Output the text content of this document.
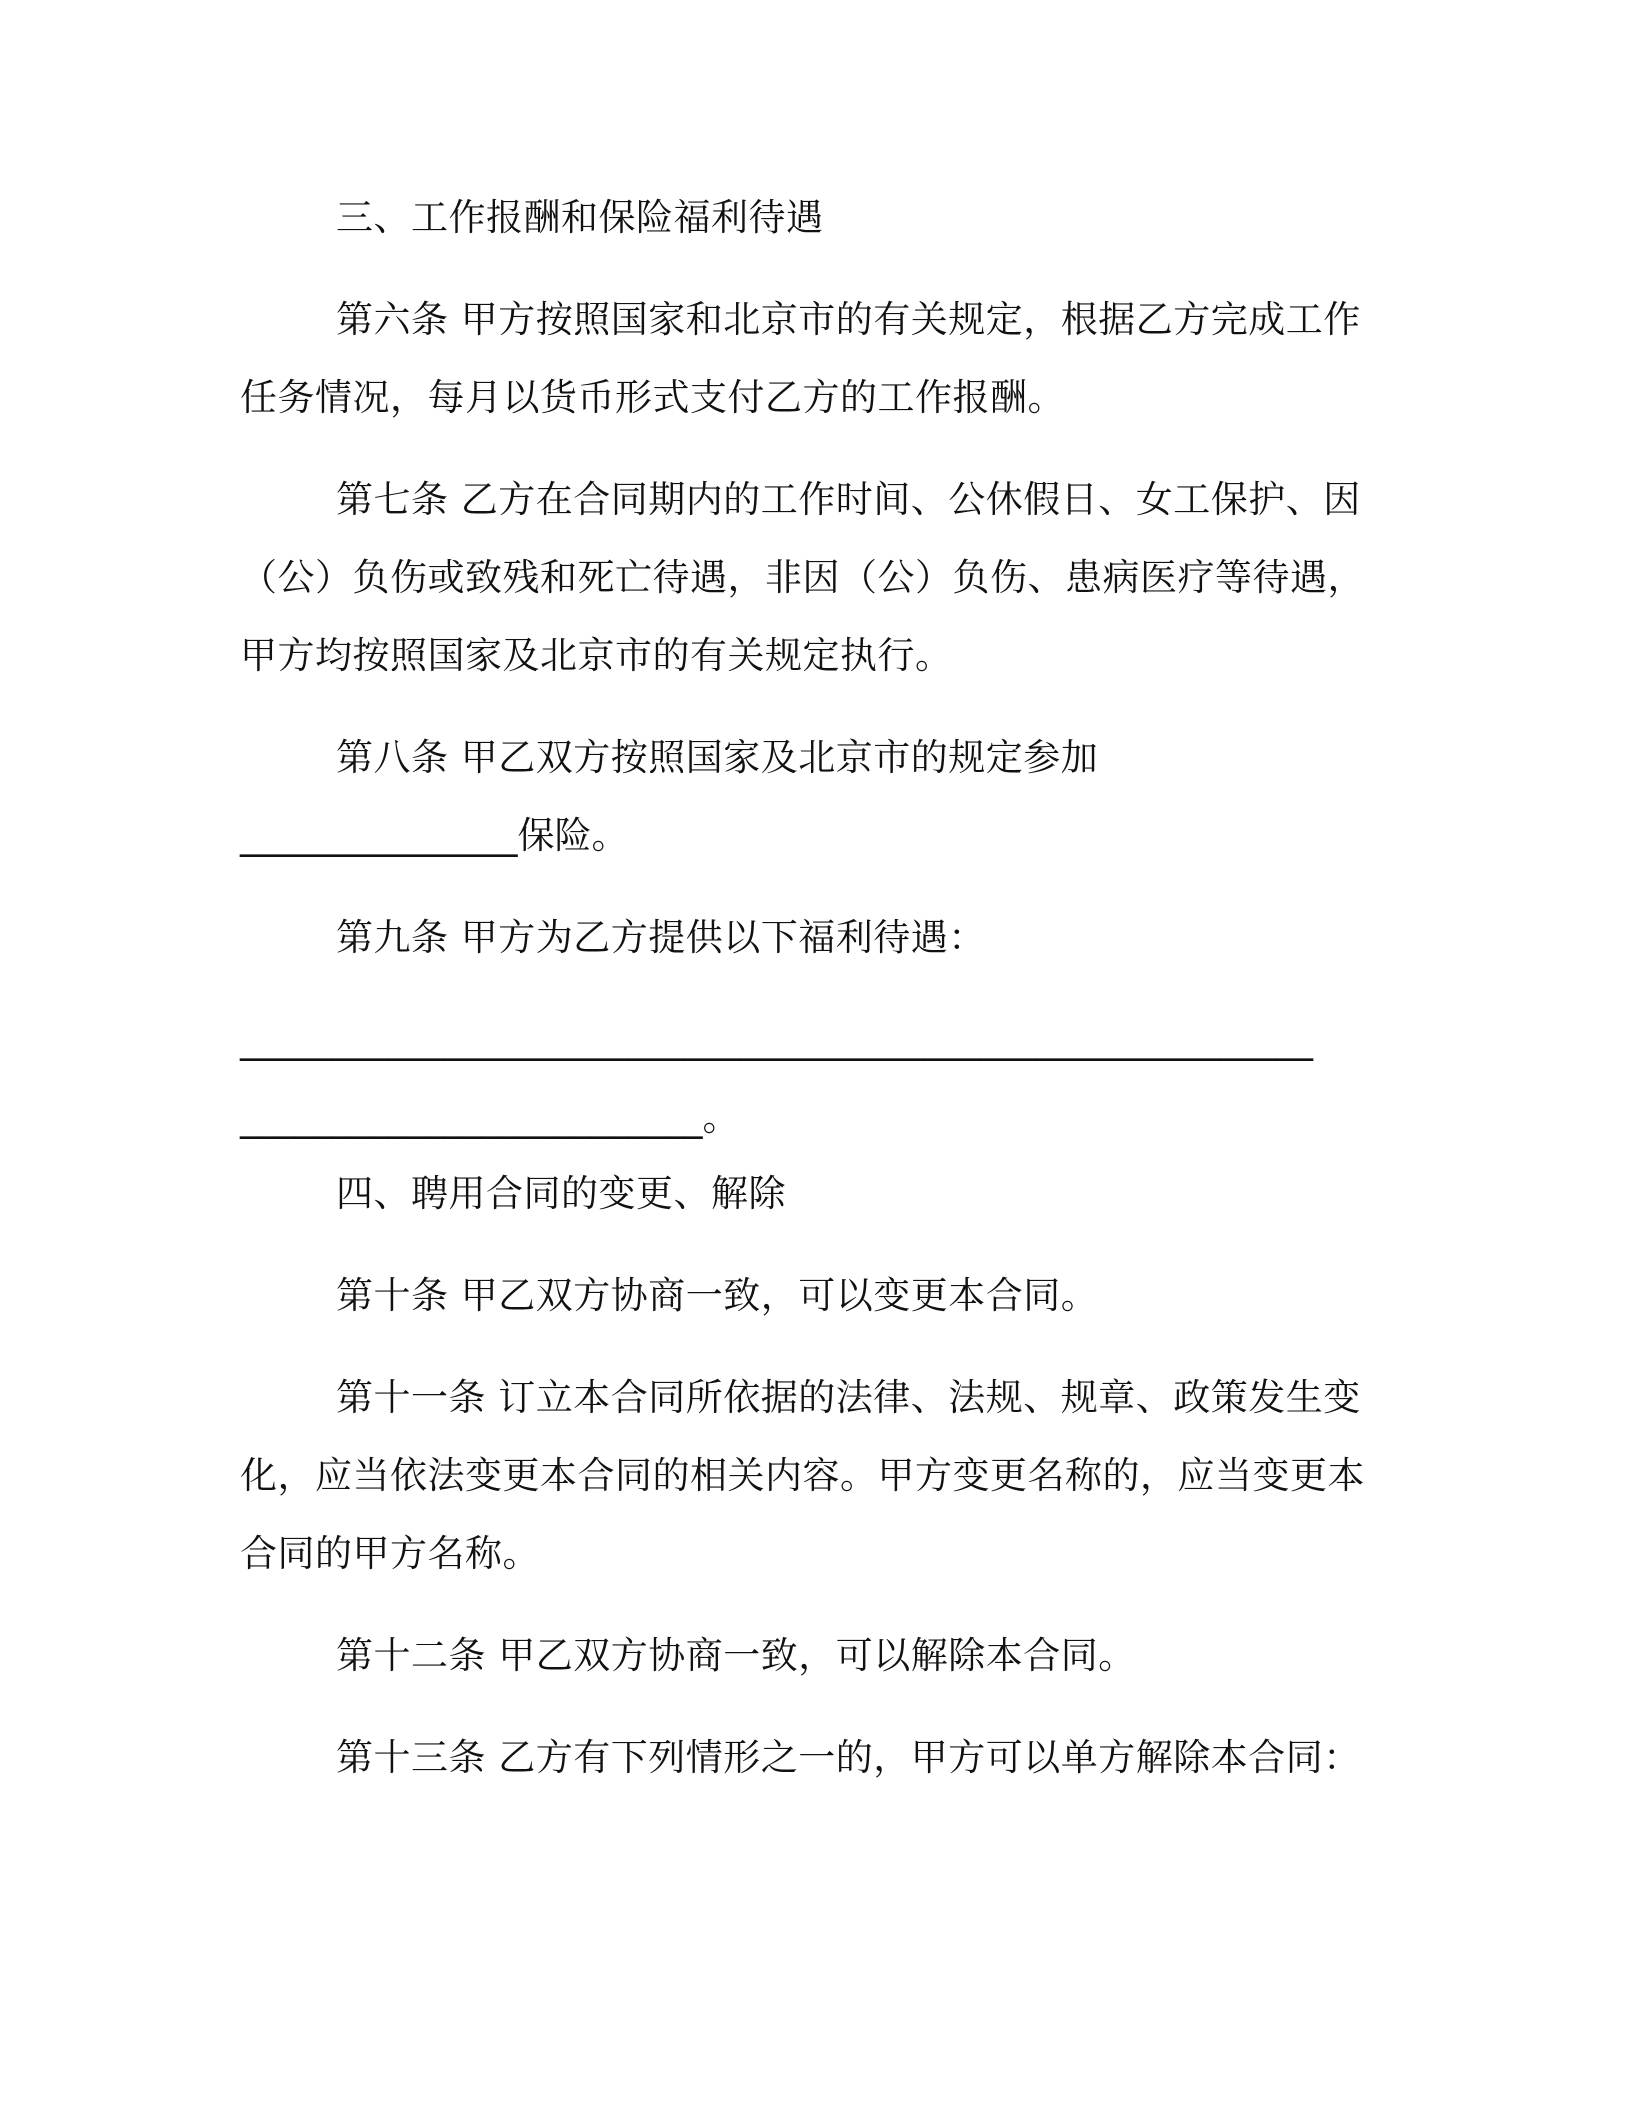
三、工作报酬和保险福利待遇
第六条 甲方按照国家和北京市的有关规定，根据乙方完成工作
任务情况，每月以货币形式支付乙方的工作报酬。
第七条 乙方在合同期内的工作时间、公休假日、女工保护、因
（公）负伤或致残和死亡待遇，非因（公）负伤、患病医疗等待遇，
甲方均按照国家及北京市的有关规定执行。
第八条 甲乙双方按照国家及北京市的规定参加
_______________保险。
第九条 甲方为乙方提供以下福利待遇：
__________________________________________________________
_________________________。
四、聘用合同的变更、解除
第十条 甲乙双方协商一致，可以变更本合同。
第十一条 订立本合同所依据的法律、法规、规章、政策发生变
化，应当依法变更本合同的相关内容。甲方变更名称的，应当变更本
合同的甲方名称。
第十二条 甲乙双方协商一致，可以解除本合同。
第十三条 乙方有下列情形之一的，甲方可以单方解除本合同：
